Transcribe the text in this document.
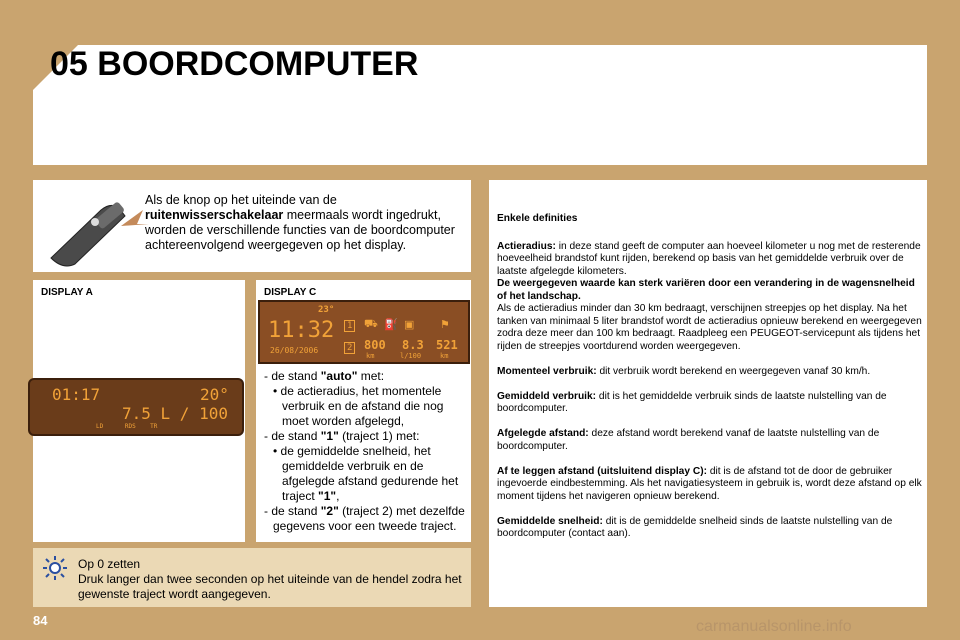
05 BOORDCOMPUTER
Als de knop op het uiteinde van de ruitenwisserschakelaar meermaals wordt ingedrukt, worden de verschillende functies van de boordcomputer achtereenvolgend weergegeven op het display.
DISPLAY A
01:17	20°
7.5 L / 100
LD      RDS    TR
DISPLAY C
- de stand "auto" met:
• de actieradius, het momentele verbruik en de afstand die nog moet worden afgelegd,
- de stand "1" (traject 1) met:
• de gemiddelde snelheid, het gemiddelde verbruik en de afgelegde afstand gedurende het traject "1",
- de stand "2" (traject 2) met dezelfde gegevens voor een tweede traject.
23°
11:32
26/08/2006
1
2
⛟ ⛽ ▣ ⚑
800
km
8.3
l/100
521
km
Op 0 zetten
Druk langer dan twee seconden op het uiteinde van de hendel zodra het gewenste traject wordt aangegeven.

Enkele definities

Actieradius: in deze stand geeft de computer aan hoeveel kilometer u nog met de resterende hoeveelheid brandstof kunt rijden, berekend op basis van het gemiddelde verbruik over de laatste afgelegde kilometers.
De weergegeven waarde kan sterk variëren door een verandering in de wagensnelheid of het landschap.
Als de actieradius minder dan 30 km bedraagt, verschijnen streepjes op het display. Na het tanken van minimaal 5 liter brandstof wordt de actieradius opnieuw berekend en weergegeven zodra deze meer dan 100 km bedraagt. Raadpleeg een PEUGEOT-servicepunt als tijdens het rijden de streepjes voortdurend worden weergegeven.

Momenteel verbruik: dit verbruik wordt berekend en weergegeven vanaf 30 km/h.

Gemiddeld verbruik: dit is het gemiddelde verbruik sinds de laatste nulstelling van de boordcomputer.

Afgelegde afstand: deze afstand wordt berekend vanaf de laatste nulstelling van de boordcomputer.

Af te leggen afstand (uitsluitend display C): dit is de afstand tot de door de gebruiker ingevoerde eindbestemming. Als het navigatiesysteem in gebruik is, wordt deze afstand op elk moment tijdens het navigeren opnieuw berekend.

Gemiddelde snelheid: dit is de gemiddelde snelheid sinds de laatste nulstelling van de boordcomputer (contact aan).

84	carmanualsonline.info
